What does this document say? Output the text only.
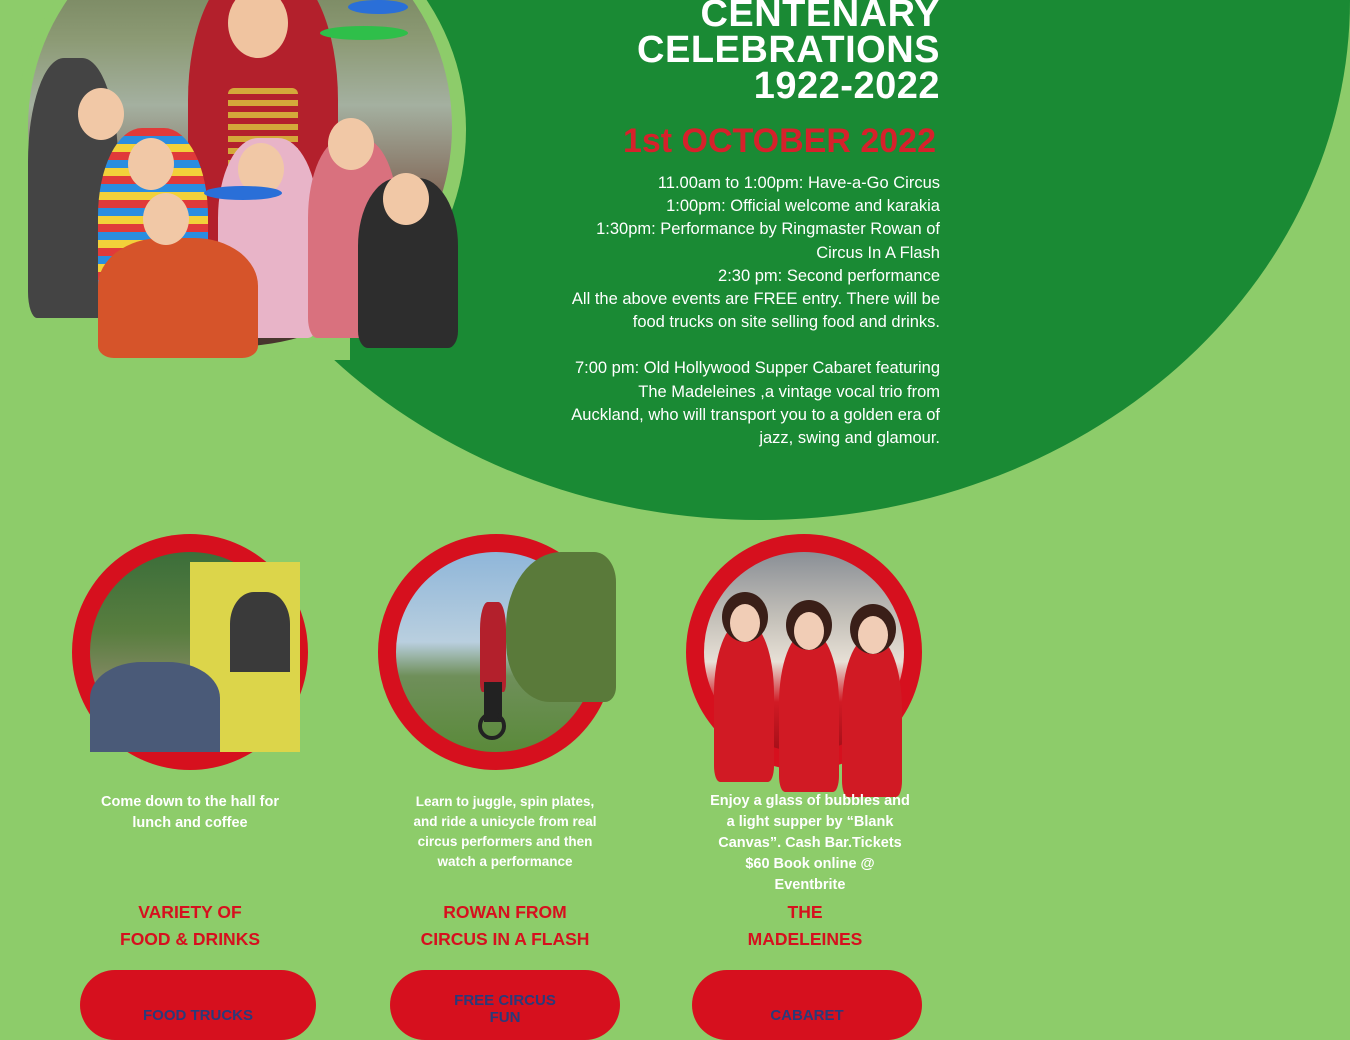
CENTENARY
CELEBRATIONS
1922-2022
1st OCTOBER 2022
11.00am to 1:00pm: Have-a-Go Circus
1:00pm: Official welcome and karakia
1:30pm: Performance by Ringmaster Rowan of
Circus In A Flash
2:30 pm: Second performance
All the above events are FREE entry. There will be
food trucks on site selling food and drinks.
7:00 pm: Old Hollywood Supper Cabaret featuring
The Madeleines ,a vintage vocal trio from
Auckland, who will transport you to a golden era of
jazz, swing and glamour.
Come down to the hall for
lunch and coffee
VARIETY OF
FOOD & DRINKS
FOOD TRUCKS
Learn to juggle, spin plates,
and ride a unicycle from real
circus performers and then
watch a performance
ROWAN FROM
CIRCUS IN A FLASH
FREE CIRCUS
FUN
Enjoy a glass of bubbles and
a light supper by “Blank
Canvas”. Cash Bar.Tickets
$60 Book online @
Eventbrite
THE
MADELEINES
CABARET
